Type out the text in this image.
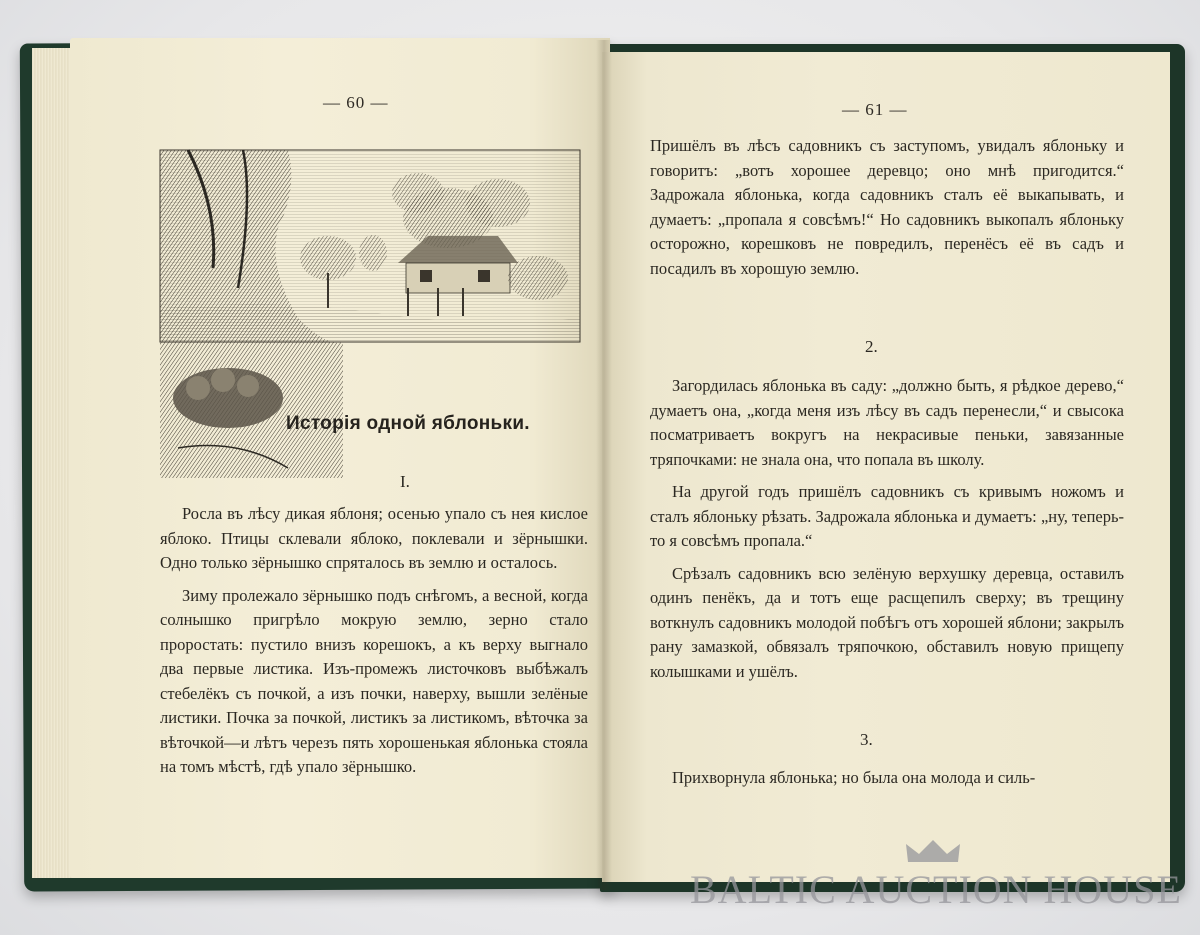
— 60 —
Исторія одной яблоньки.
I.

Росла въ лѣсу дикая яблоня; осенью упало съ нея кислое яблоко. Птицы склевали яблоко, поклевали и зёрнышки. Одно только зёрнышко спряталось въ землю и осталось.

Зиму пролежало зёрнышко подъ снѣгомъ, а весной, когда солнышко пригрѣло мокрую землю, зерно стало проростать: пустило внизъ корешокъ, а къ верху выгнало два первые листика. Изъ-промежъ листочковъ выбѣжалъ стебелёкъ съ почкой, а изъ почки, наверху, вышли зелёные листики. Почка за почкой, листикъ за листикомъ, вѣточка за вѣточкой—и лѣтъ черезъ пять хорошенькая яблонька стояла на томъ мѣстѣ, гдѣ упало зёрнышко.

— 61 —

Пришёлъ въ лѣсъ садовникъ съ заступомъ, увидалъ яблоньку и говоритъ: „вотъ хорошее деревцо; оно мнѣ пригодится.“ Задрожала яблонька, когда садовникъ сталъ её выкапывать, и думаетъ: „пропала я совсѣмъ!“ Но садовникъ выкопалъ яблоньку осторожно, корешковъ не повредилъ, перенёсъ её въ садъ и посадилъ въ хорошую землю.

2.

Загордилась яблонька въ саду: „должно быть, я рѣдкое дерево,“ думаетъ она, „когда меня изъ лѣсу въ садъ перенесли,“ и свысока посматриваетъ вокругъ на некрасивые пеньки, завязанные тряпочками: не знала она, что попала въ школу.

На другой годъ пришёлъ садовникъ съ кривымъ ножомъ и сталъ яблоньку рѣзать. Задрожала яблонька и думаетъ: „ну, теперь-то я совсѣмъ пропала.“

Срѣзалъ садовникъ всю зелёную верхушку деревца, оставилъ одинъ пенёкъ, да и тотъ еще расщепилъ сверху; въ трещину воткнулъ садовникъ молодой побѣгъ отъ хорошей яблони; закрылъ рану замазкой, обвязалъ тряпочкою, обставилъ новую прищепу колышками и ушёлъ.

3.

Прихворнула яблонька; но была она молода и силь-

BALTIC AUCTION HOUSE
